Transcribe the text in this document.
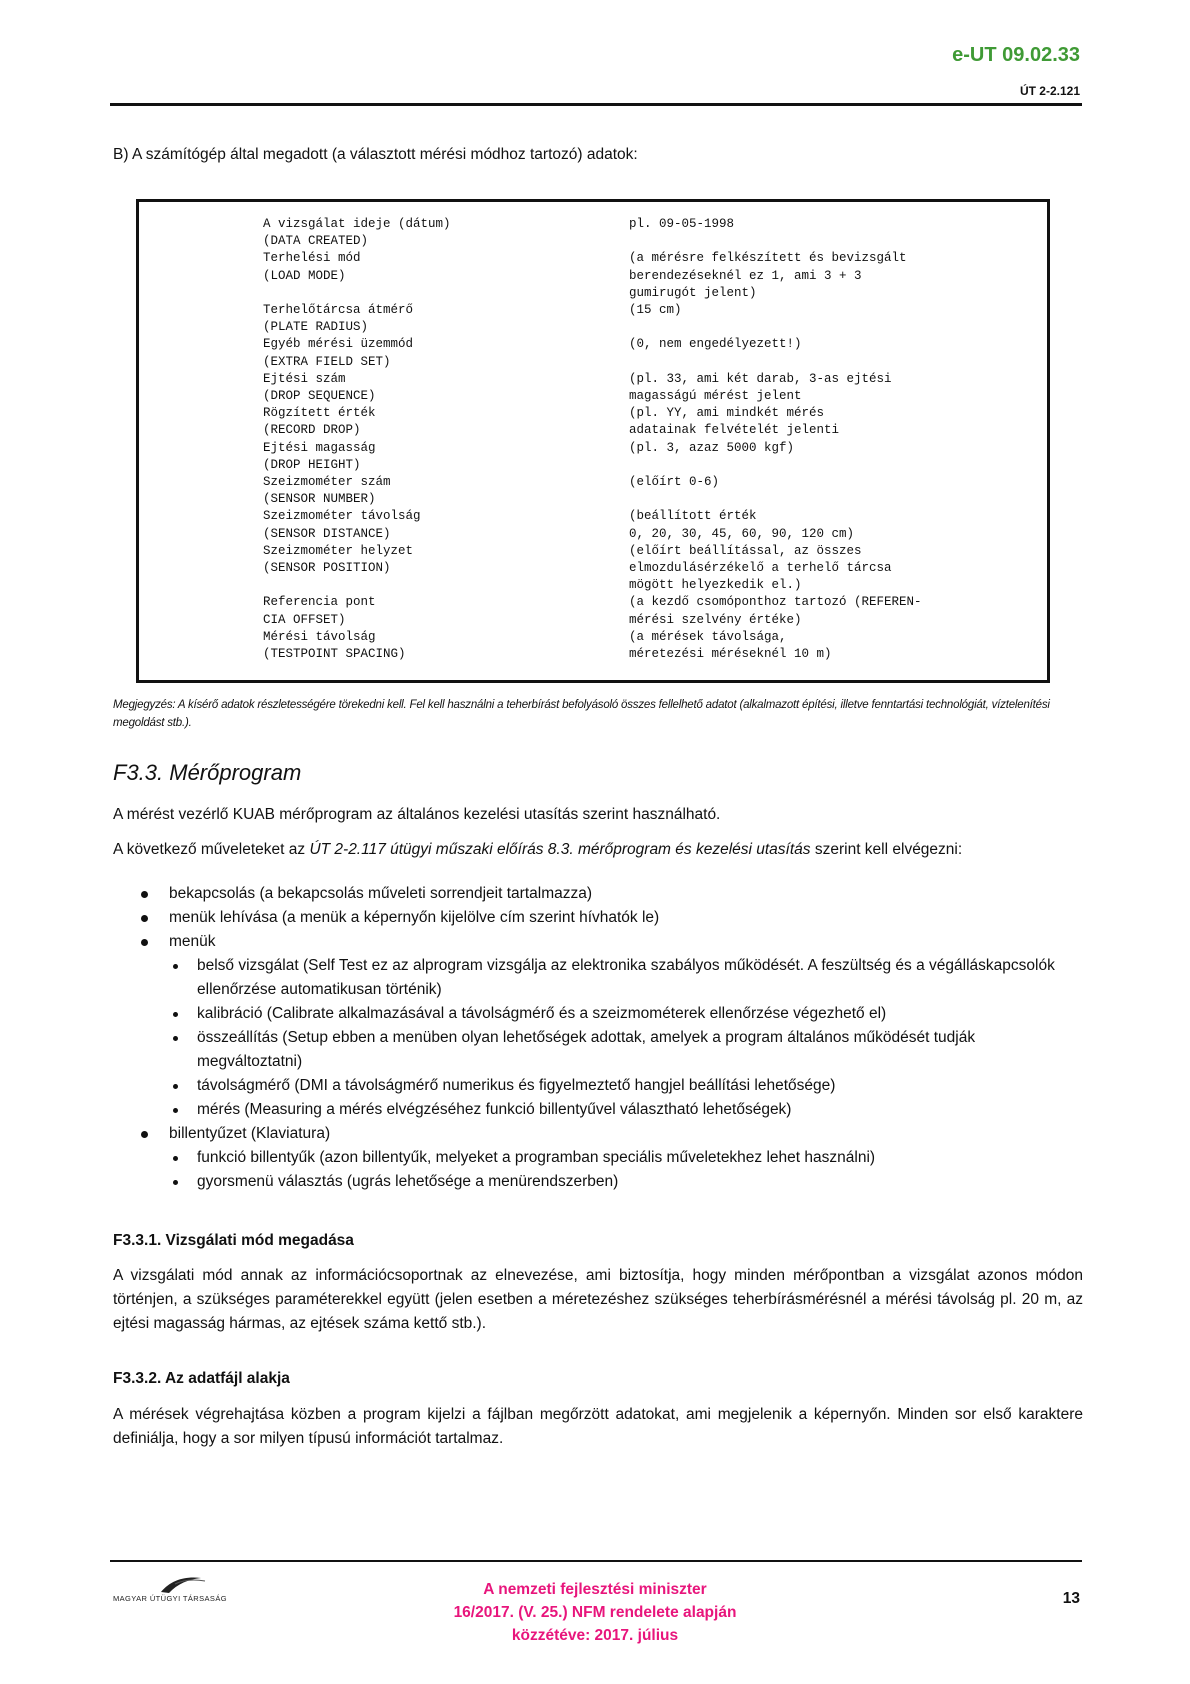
e-UT 09.02.33
ÚT 2-2.121
B) A számítógép által megadott (a választott mérési módhoz tartozó) adatok:
A vizsgálat ideje (dátum)	pl. 09-05-1998
(DATA CREATED)	
Terhelési mód	(a mérésre felkészített és bevizsgált
(LOAD MODE)	berendezéseknél ez 1, ami 3 + 3
	gumirugót jelent)
Terhelőtárcsa átmérő	(15 cm)
(PLATE RADIUS)	
Egyéb mérési üzemmód	(0, nem engedélyezett!)
(EXTRA FIELD SET)	
Ejtési szám	(pl. 33, ami két darab, 3-as ejtési
(DROP SEQUENCE)	magasságú mérést jelent
Rögzített érték	(pl. YY, ami mindkét mérés
(RECORD DROP)	adatainak felvételét jelenti
Ejtési magasság	(pl. 3, azaz 5000 kgf)
(DROP HEIGHT)	
Szeizmométer szám	(előírt 0-6)
(SENSOR NUMBER)	
Szeizmométer távolság	(beállított érték
(SENSOR DISTANCE)	0, 20, 30, 45, 60, 90, 120 cm)
Szeizmométer helyzet	(előírt beállítással, az összes
(SENSOR POSITION)	elmozdulásérzékelő a terhelő tárcsa
	mögött helyezkedik el.)
Referencia pont	(a kezdő csomóponthoz tartozó (REFEREN-
CIA OFFSET)	mérési szelvény értéke)
Mérési távolság	(a mérések távolsága,
(TESTPOINT SPACING)	méretezési méréseknél 10 m)
Megjegyzés: A kísérő adatok részletességére törekedni kell. Fel kell használni a teherbírást befolyásoló összes fellelhető adatot (alkalmazott építési, illetve fenntartási technológiát, víztelenítési megoldást stb.).
F3.3. Mérőprogram
A mérést vezérlő KUAB mérőprogram az általános kezelési utasítás szerint használható.
A következő műveleteket az ÚT 2-2.117 útügyi műszaki előírás 8.3. mérőprogram és kezelési utasítás szerint kell elvégezni:
bekapcsolás (a bekapcsolás műveleti sorrendjeit tartalmazza)
menük lehívása (a menük a képernyőn kijelölve cím szerint hívhatók le)
menük
belső vizsgálat (Self Test ez az alprogram vizsgálja az elektronika szabályos működését. A feszültség és a végálláskapcsolók ellenőrzése automatikusan történik)
kalibráció (Calibrate alkalmazásával a távolságmérő és a szeizmométerek ellenőrzése végezhető el)
összeállítás (Setup ebben a menüben olyan lehetőségek adottak, amelyek a program általános működését tudják megváltoztatni)
távolságmérő (DMI a távolságmérő numerikus és figyelmeztető hangjel beállítási lehetősége)
mérés (Measuring a mérés elvégzéséhez funkció billentyűvel választható lehetőségek)
billentyűzet (Klaviatura)
funkció billentyűk (azon billentyűk, melyeket a programban speciális műveletekhez lehet használni)
gyorsmenü választás (ugrás lehetősége a menürendszerben)
F3.3.1. Vizsgálati mód megadása
A vizsgálati mód annak az információcsoportnak az elnevezése, ami biztosítja, hogy minden mérőpontban a vizsgálat azonos módon történjen, a szükséges paraméterekkel együtt (jelen esetben a méretezéshez szükséges teherbírásmérésnél a mérési távolság pl. 20 m, az ejtési magasság hármas, az ejtések száma kettő stb.).
F3.3.2. Az adatfájl alakja
A mérések végrehajtása közben a program kijelzi a fájlban megőrzött adatokat, ami megjelenik a képernyőn. Minden sor első karaktere definiálja, hogy a sor milyen típusú információt tartalmaz.
MAGYAR ÚTÜGYI TÁRSASÁG
A nemzeti fejlesztési miniszter
16/2017. (V. 25.) NFM rendelete alapján
közzétéve: 2017. július
13
